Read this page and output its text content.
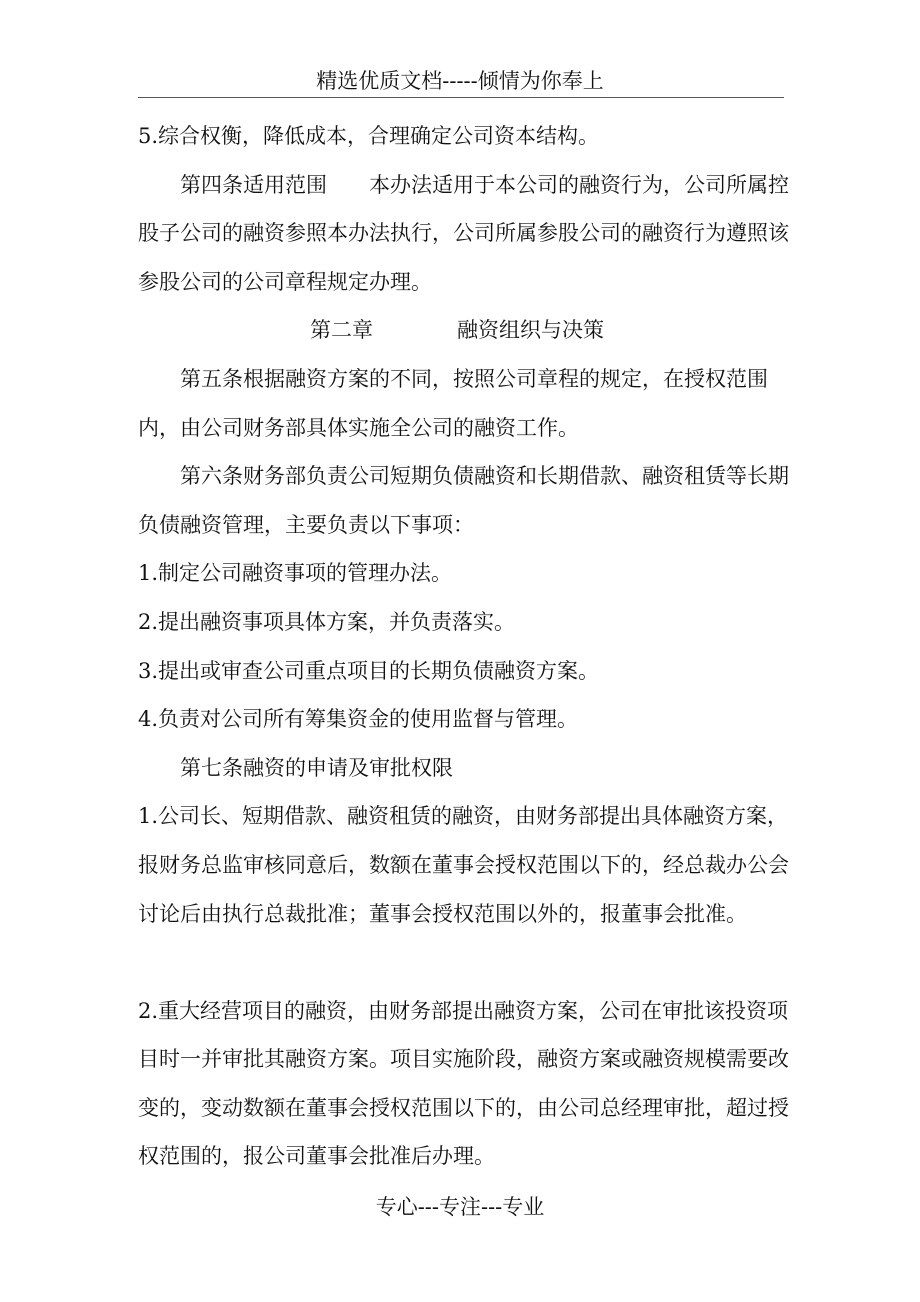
精选优质文档-----倾情为你奉上

5.综合权衡，降低成本，合理确定公司资本结构。

第四条适用范围 本办法适用于本公司的融资行为，公司所属控股子公司的融资参照本办法执行，公司所属参股公司的融资行为遵照该参股公司的公司章程规定办理。

第二章	融资组织与决策

第五条根据融资方案的不同，按照公司章程的规定，在授权范围内，由公司财务部具体实施全公司的融资工作。

第六条财务部负责公司短期负债融资和长期借款、融资租赁等长期负债融资管理，主要负责以下事项：

1.制定公司融资事项的管理办法。

2.提出融资事项具体方案，并负责落实。

3.提出或审查公司重点项目的长期负债融资方案。

4.负责对公司所有筹集资金的使用监督与管理。

第七条融资的申请及审批权限

1.公司长、短期借款、融资租赁的融资，由财务部提出具体融资方案，报财务总监审核同意后，数额在董事会授权范围以下的，经总裁办公会讨论后由执行总裁批准；董事会授权范围以外的，报董事会批准。

2.重大经营项目的融资，由财务部提出融资方案，公司在审批该投资项目时一并审批其融资方案。项目实施阶段，融资方案或融资规模需要改变的，变动数额在董事会授权范围以下的，由公司总经理审批，超过授权范围的，报公司董事会批准后办理。

专心---专注---专业
